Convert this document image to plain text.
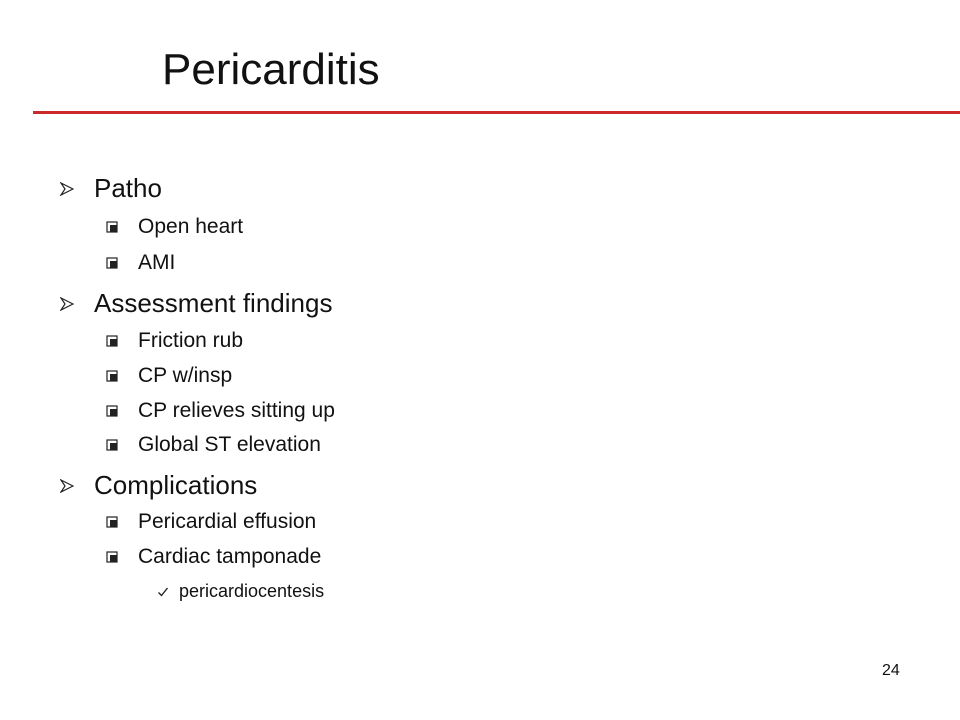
Pericarditis
Patho
Open heart
AMI
Assessment findings
Friction rub
CP w/insp
CP relieves sitting up
Global ST elevation
Complications
Pericardial effusion
Cardiac tamponade
pericardiocentesis
24
